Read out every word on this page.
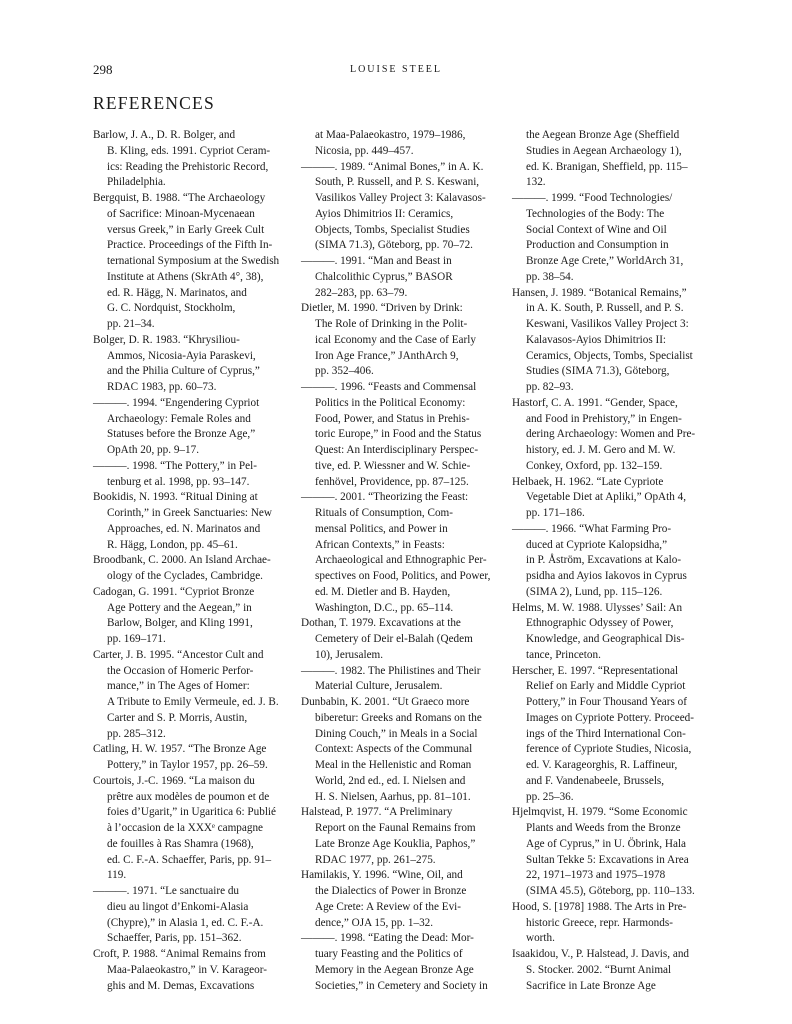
298	LOUISE STEEL
REFERENCES
Barlow, J. A., D. R. Bolger, and
B. Kling, eds. 1991. Cypriot Ceram-
ics: Reading the Prehistoric Record,
Philadelphia.
Bergquist, B. 1988. “The Archaeology
of Sacrifice: Minoan-Mycenaean
versus Greek,” in Early Greek Cult
Practice. Proceedings of the Fifth In-
ternational Symposium at the Swedish
Institute at Athens (SkrAth 4°, 38),
ed. R. Hägg, N. Marinatos, and
G. C. Nordquist, Stockholm,
pp. 21–34.
Bolger, D. R. 1983. “Khrysiliou-
Ammos, Nicosia-Ayia Paraskevi,
and the Philia Culture of Cyprus,”
RDAC 1983, pp. 60–73.
———. 1994. “Engendering Cypriot
Archaeology: Female Roles and
Statuses before the Bronze Age,”
OpAth 20, pp. 9–17.
———. 1998. “The Pottery,” in Pel-
tenburg et al. 1998, pp. 93–147.
Bookidis, N. 1993. “Ritual Dining at
Corinth,” in Greek Sanctuaries: New
Approaches, ed. N. Marinatos and
R. Hägg, London, pp. 45–61.
Broodbank, C. 2000. An Island Archae-
ology of the Cyclades, Cambridge.
Cadogan, G. 1991. “Cypriot Bronze
Age Pottery and the Aegean,” in
Barlow, Bolger, and Kling 1991,
pp. 169–171.
Carter, J. B. 1995. “Ancestor Cult and
the Occasion of Homeric Perfor-
mance,” in The Ages of Homer:
A Tribute to Emily Vermeule, ed. J. B.
Carter and S. P. Morris, Austin,
pp. 285–312.
Catling, H. W. 1957. “The Bronze Age
Pottery,” in Taylor 1957, pp. 26–59.
Courtois, J.-C. 1969. “La maison du
prêtre aux modèles de poumon et de
foies d’Ugarit,” in Ugaritica 6: Publié
à l’occasion de la XXXᵉ campagne
de fouilles à Ras Shamra (1968),
ed. C. F.-A. Schaeffer, Paris, pp. 91–
119.
———. 1971. “Le sanctuaire du
dieu au lingot d’Enkomi-Alasia
(Chypre),” in Alasia 1, ed. C. F.-A.
Schaeffer, Paris, pp. 151–362.
Croft, P. 1988. “Animal Remains from
Maa-Palaeokastro,” in V. Karageor-
ghis and M. Demas, Excavations
at Maa-Palaeokastro, 1979–1986,
Nicosia, pp. 449–457.
———. 1989. “Animal Bones,” in A. K.
South, P. Russell, and P. S. Keswani,
Vasilikos Valley Project 3: Kalavasos-
Ayios Dhimitrios II: Ceramics,
Objects, Tombs, Specialist Studies
(SIMA 71.3), Göteborg, pp. 70–72.
———. 1991. “Man and Beast in
Chalcolithic Cyprus,” BASOR
282–283, pp. 63–79.
Dietler, M. 1990. “Driven by Drink:
The Role of Drinking in the Polit-
ical Economy and the Case of Early
Iron Age France,” JAnthArch 9,
pp. 352–406.
———. 1996. “Feasts and Commensal
Politics in the Political Economy:
Food, Power, and Status in Prehis-
toric Europe,” in Food and the Status
Quest: An Interdisciplinary Perspec-
tive, ed. P. Wiessner and W. Schie-
fenhövel, Providence, pp. 87–125.
———. 2001. “Theorizing the Feast:
Rituals of Consumption, Com-
mensal Politics, and Power in
African Contexts,” in Feasts:
Archaeological and Ethnographic Per-
spectives on Food, Politics, and Power,
ed. M. Dietler and B. Hayden,
Washington, D.C., pp. 65–114.
Dothan, T. 1979. Excavations at the
Cemetery of Deir el-Balah (Qedem
10), Jerusalem.
———. 1982. The Philistines and Their
Material Culture, Jerusalem.
Dunbabin, K. 2001. “Ut Graeco more
biberetur: Greeks and Romans on the
Dining Couch,” in Meals in a Social
Context: Aspects of the Communal
Meal in the Hellenistic and Roman
World, 2nd ed., ed. I. Nielsen and
H. S. Nielsen, Aarhus, pp. 81–101.
Halstead, P. 1977. “A Preliminary
Report on the Faunal Remains from
Late Bronze Age Kouklia, Paphos,”
RDAC 1977, pp. 261–275.
Hamilakis, Y. 1996. “Wine, Oil, and
the Dialectics of Power in Bronze
Age Crete: A Review of the Evi-
dence,” OJA 15, pp. 1–32.
———. 1998. “Eating the Dead: Mor-
tuary Feasting and the Politics of
Memory in the Aegean Bronze Age
Societies,” in Cemetery and Society in
the Aegean Bronze Age (Sheffield
Studies in Aegean Archaeology 1),
ed. K. Branigan, Sheffield, pp. 115–
132.
———. 1999. “Food Technologies/
Technologies of the Body: The
Social Context of Wine and Oil
Production and Consumption in
Bronze Age Crete,” WorldArch 31,
pp. 38–54.
Hansen, J. 1989. “Botanical Remains,”
in A. K. South, P. Russell, and P. S.
Keswani, Vasilikos Valley Project 3:
Kalavasos-Ayios Dhimitrios II:
Ceramics, Objects, Tombs, Specialist
Studies (SIMA 71.3), Göteborg,
pp. 82–93.
Hastorf, C. A. 1991. “Gender, Space,
and Food in Prehistory,” in Engen-
dering Archaeology: Women and Pre-
history, ed. J. M. Gero and M. W.
Conkey, Oxford, pp. 132–159.
Helbaek, H. 1962. “Late Cypriote
Vegetable Diet at Apliki,” OpAth 4,
pp. 171–186.
———. 1966. “What Farming Pro-
duced at Cypriote Kalopsidha,”
in P. Åström, Excavations at Kalo-
psidha and Ayios Iakovos in Cyprus
(SIMA 2), Lund, pp. 115–126.
Helms, M. W. 1988. Ulysses’ Sail: An
Ethnographic Odyssey of Power,
Knowledge, and Geographical Dis-
tance, Princeton.
Herscher, E. 1997. “Representational
Relief on Early and Middle Cypriot
Pottery,” in Four Thousand Years of
Images on Cypriote Pottery. Proceed-
ings of the Third International Con-
ference of Cypriote Studies, Nicosia,
ed. V. Karageorghis, R. Laffineur,
and F. Vandenabeele, Brussels,
pp. 25–36.
Hjelmqvist, H. 1979. “Some Economic
Plants and Weeds from the Bronze
Age of Cyprus,” in U. Öbrink, Hala
Sultan Tekke 5: Excavations in Area
22, 1971–1973 and 1975–1978
(SIMA 45.5), Göteborg, pp. 110–133.
Hood, S. [1978] 1988. The Arts in Pre-
historic Greece, repr. Harmonds-
worth.
Isaakidou, V., P. Halstead, J. Davis, and
S. Stocker. 2002. “Burnt Animal
Sacrifice in Late Bronze Age
